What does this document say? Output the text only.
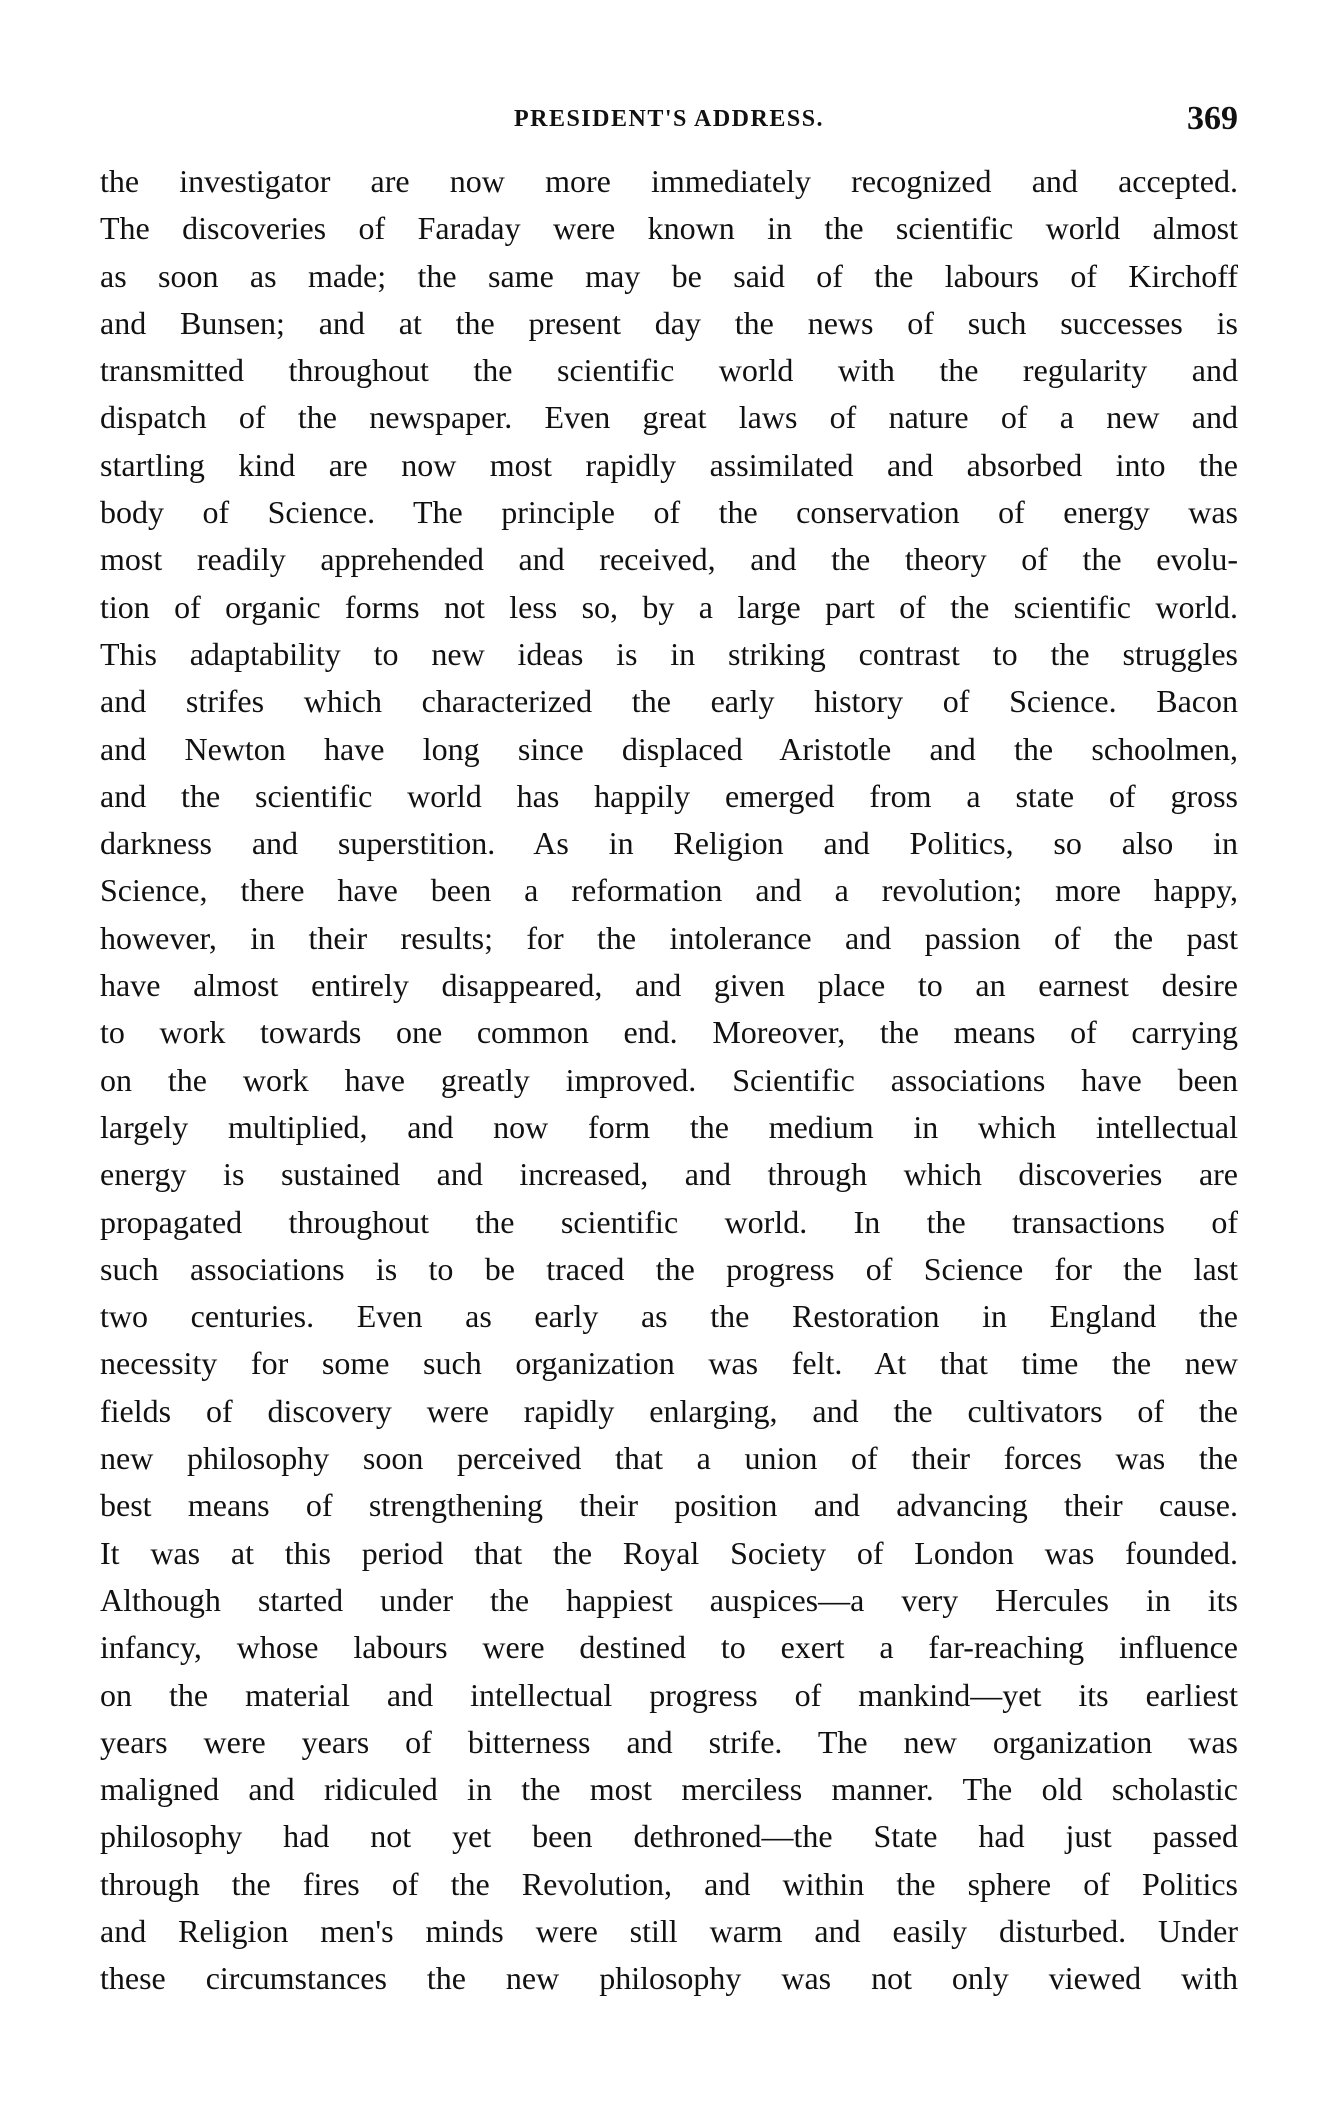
PRESIDENT'S ADDRESS.	369
the investigator are now more immediately recognized and accepted.
The discoveries of Faraday were known in the scientific world almost
as soon as made; the same may be said of the labours of Kirchoff
and Bunsen; and at the present day the news of such successes is
transmitted throughout the scientific world with the regularity and
dispatch of the newspaper. Even great laws of nature of a new and
startling kind are now most rapidly assimilated and absorbed into the
body of Science. The principle of the conservation of energy was
most readily apprehended and received, and the theory of the evolu-
tion of organic forms not less so, by a large part of the scientific world.
This adaptability to new ideas is in striking contrast to the struggles
and strifes which characterized the early history of Science. Bacon
and Newton have long since displaced Aristotle and the schoolmen,
and the scientific world has happily emerged from a state of gross
darkness and superstition. As in Religion and Politics, so also in
Science, there have been a reformation and a revolution; more happy,
however, in their results; for the intolerance and passion of the past
have almost entirely disappeared, and given place to an earnest desire
to work towards one common end. Moreover, the means of carrying
on the work have greatly improved. Scientific associations have been
largely multiplied, and now form the medium in which intellectual
energy is sustained and increased, and through which discoveries are
propagated throughout the scientific world. In the transactions of
such associations is to be traced the progress of Science for the last
two centuries. Even as early as the Restoration in England the
necessity for some such organization was felt. At that time the new
fields of discovery were rapidly enlarging, and the cultivators of the
new philosophy soon perceived that a union of their forces was the
best means of strengthening their position and advancing their cause.
It was at this period that the Royal Society of London was founded.
Although started under the happiest auspices—a very Hercules in its
infancy, whose labours were destined to exert a far-reaching influence
on the material and intellectual progress of mankind—yet its earliest
years were years of bitterness and strife. The new organization was
maligned and ridiculed in the most merciless manner. The old scholastic
philosophy had not yet been dethroned—the State had just passed
through the fires of the Revolution, and within the sphere of Politics
and Religion men's minds were still warm and easily disturbed. Under
these circumstances the new philosophy was not only viewed with
